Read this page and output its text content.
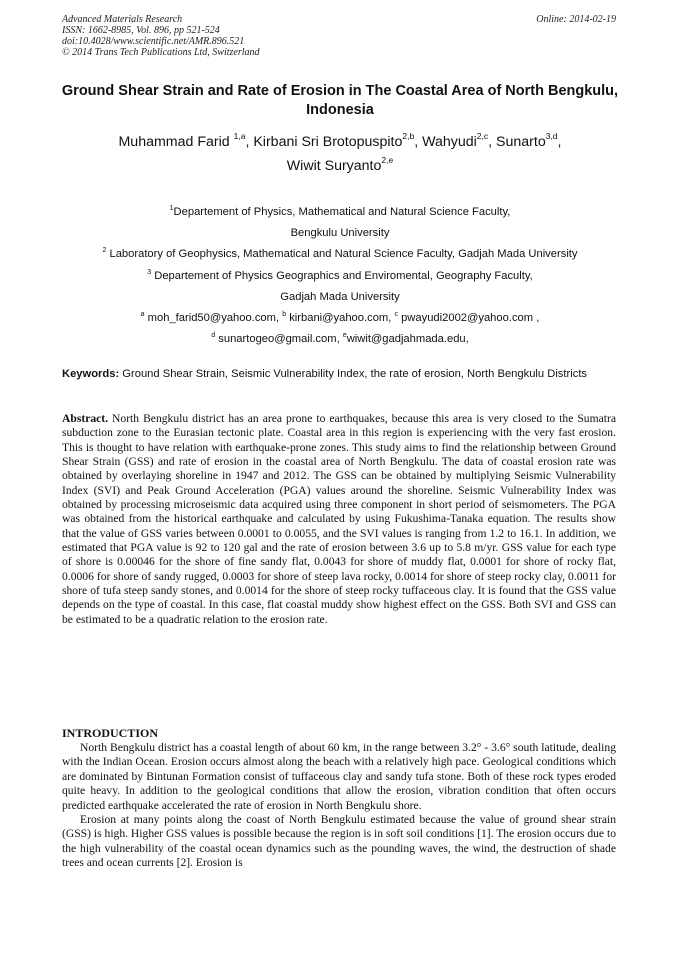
Advanced Materials Research
ISSN: 1662-8985, Vol. 896, pp 521-524
doi:10.4028/www.scientific.net/AMR.896.521
© 2014 Trans Tech Publications Ltd, Switzerland
Online: 2014-02-19
Ground Shear Strain and Rate of Erosion in The Coastal Area of North Bengkulu, Indonesia
Muhammad Farid $^{1,a}$, Kirbani Sri Brotopuspito$^{2,b}$, Wahyudi$^{2,c}$, Sunarto$^{3,d}$,
Wiwit Suryanto$^{2,e}$
$^1$Departement of Physics, Mathematical and Natural Science Faculty,
Bengkulu University
$^2$ Laboratory of Geophysics, Mathematical and Natural Science Faculty, Gadjah Mada University
$^3$ Departement of Physics Geographics and Enviromental, Geography Faculty,
Gadjah Mada University
$^a$ moh_farid50@yahoo.com, $^b$ kirbani@yahoo.com, $^c$ pwayudi2002@yahoo.com ,
$^d$ sunartogeo@gmail.com, $^e$wiwit@gadjahmada.edu,
Keywords: Ground Shear Strain, Seismic Vulnerability Index, the rate of erosion, North Bengkulu Districts
Abstract. North Bengkulu district has an area prone to earthquakes, because this area is very closed to the Sumatra subduction zone to the Eurasian tectonic plate. Coastal area in this region is experiencing with the very fast erosion. This is thought to have relation with earthquake-prone zones. This study aims to find the relationship between Ground Shear Strain (GSS) and rate of erosion in the coastal area of North Bengkulu. The data of coastal erosion rate was obtained by overlaying shoreline in 1947 and 2012. The GSS can be obtained by multiplying Seismic Vulnerability Index (SVI) and Peak Ground Acceleration (PGA) values around the shoreline. Seismic Vulnerability Index was obtained by processing microseismic data acquired using three component in short period of seismometers. The PGA was obtained from the historical earthquake and calculated by using Fukushima-Tanaka equation. The results show that the value of GSS varies between 0.0001 to 0.0055, and the SVI values is ranging from 1.2 to 16.1. In addition, we estimated that PGA value is 92 to 120 gal and the rate of erosion between 3.6 up to 5.8 m/yr. GSS value for each type of shore is 0.00046 for the shore of fine sandy flat, 0.0043 for shore of muddy flat, 0.0001 for shore of rocky flat, 0.0006 for shore of sandy rugged, 0.0003 for shore of steep lava rocky, 0.0014 for shore of steep rocky clay, 0.0011 for shore of tufa steep sandy stones, and 0.0014 for the shore of steep rocky tuffaceous clay. It is found that the GSS value depends on the type of coastal. In this case, flat coastal muddy show highest effect on the GSS. Both SVI and GSS can be estimated to be a quadratic relation to the erosion rate.
INTRODUCTION

North Bengkulu district has a coastal length of about 60 km, in the range between 3.2° - 3.6° south latitude, dealing with the Indian Ocean. Erosion occurs almost along the beach with a relatively high pace. Geological conditions which are dominated by Bintunan Formation consist of tuffaceous clay and sandy tufa stone. Both of these rock types eroded quite heavy. In addition to the geological conditions that allow the erosion, vibration condition that often occurs predicted earthquake accelerated the rate of erosion in North Bengkulu shore.

Erosion at many points along the coast of North Bengkulu estimated because the value of ground shear strain (GSS) is high. Higher GSS values is possible because the region is in soft soil conditions [1]. The erosion occurs due to the high vulnerability of the coastal ocean dynamics such as the pounding waves, the wind, the destruction of shade trees and ocean currents [2]. Erosion is
